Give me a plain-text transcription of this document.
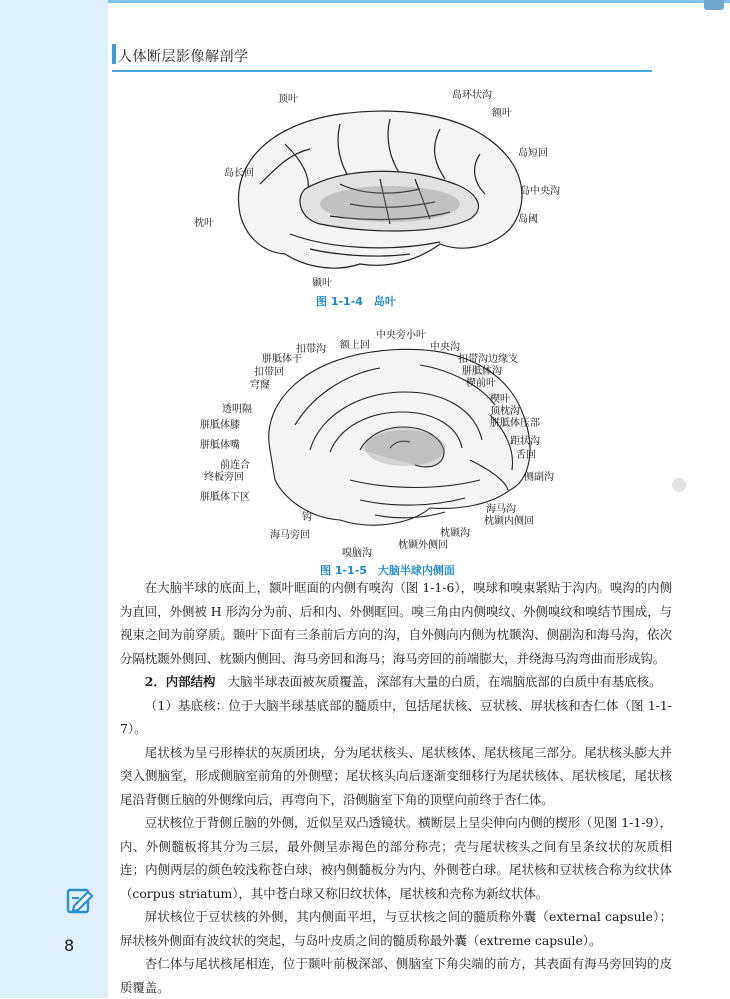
人体断层影像解剖学
顶叶	岛环状沟
额叶
岛短回
岛长回
岛中央沟
枕叶	岛阈
颞叶
图 1-1-4　岛叶
中央旁小叶
扣带沟 额上回	中央沟
胼胝体干	扣带沟边缘支
扣带回	胼胝体沟
穹窿	楔前叶
楔叶
透明隔	顶枕沟
胼胝体压部
胼胝体膝
距状沟
胼胝体嘴
舌回
前连合
终板旁回	侧副沟
胼胝体下区
海马沟
枕颞内侧回
钩
枕颞沟
海马旁回
枕颞外侧回
嗅脑沟
图 1-1-5　大脑半球内侧面

在大脑半球的底面上，额叶眶面的内侧有嗅沟（图 1-1-6），嗅球和嗅束紧贴于沟内。嗅沟的内侧为直回，外侧被 H 形沟分为前、后和内、外侧眶回。嗅三角由内侧嗅纹、外侧嗅纹和嗅结节围成，与视束之间为前穿质。颞叶下面有三条前后方向的沟，自外侧向内侧为枕颞沟、侧副沟和海马沟，依次分隔枕颞外侧回、枕颞内侧回、海马旁回和海马；海马旁回的前端膨大，并绕海马沟弯曲而形成钩。

2．内部结构　 大脑半球表面被灰质覆盖，深部有大量的白质，在端脑底部的白质中有基底核。

（1）基底核：位于大脑半球基底部的髓质中，包括尾状核、豆状核、屏状核和杏仁体（图 1-1-7）。

尾状核为呈弓形棒状的灰质团块，分为尾状核头、尾状核体、尾状核尾三部分。尾状核头膨大并突入侧脑室，形成侧脑室前角的外侧壁；尾状核头向后逐渐变细移行为尾状核体、尾状核尾，尾状核尾沿背侧丘脑的外侧缘向后，再弯向下，沿侧脑室下角的顶壁向前终于杏仁体。

豆状核位于背侧丘脑的外侧，近似呈双凸透镜状。横断层上呈尖伸向内侧的楔形（见图 1-1-9），内、外侧髓板将其分为三层，最外侧呈赤褐色的部分称壳；壳与尾状核头之间有呈条纹状的灰质相连；内侧两层的颜色较浅称苍白球，被内侧髓板分为内、外侧苍白球。尾状核和豆状核合称为纹状体（corpus striatum），其中苍白球又称旧纹状体，尾状核和壳称为新纹状体。

屏状核位于豆状核的外侧，其内侧面平坦，与豆状核之间的髓质称外囊（external capsule）；屏状核外侧面有波纹状的突起，与岛叶皮质之间的髓质称最外囊（extreme capsule）。

杏仁体与尾状核尾相连，位于颞叶前极深部、侧脑室下角尖端的前方，其表面有海马旁回钩的皮质覆盖。

8
